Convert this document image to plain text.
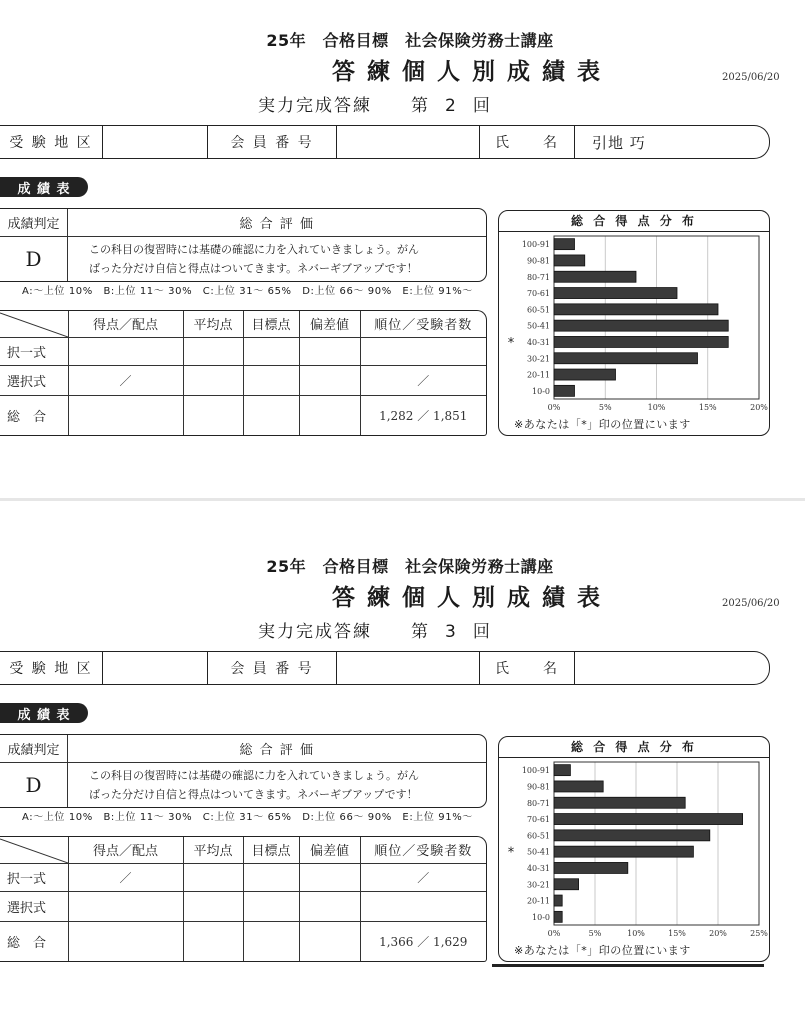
25年　合格目標　社会保険労務士講座
答 練 個 人 別 成 績 表	2025/06/20
実力完成答練 第　2　回
受 験 地 区	会 員 番 号	氏　　名	引地 巧
成 績 表
成績判定	総 合 評 価
D	この科目の復習時には基礎の確認に力を入れていきましょう。がん
ばった分だけ自信と得点はついてきます。ネバーギブアップです！
A:〜上位 10%　B:上位 11〜 30%　C:上位 31〜 65%　D:上位 66〜 90%　E:上位 91%〜
	得点／配点	平均点	目標点	偏差値	順位／受験者数
択一式					
選択式	／				／
総　合					1,282 ／ 1,851
総 合 得 点 分 布
0%	5%	10%	15%	20%
100-91
90-81
80-71
70-61
60-51
50-41
40-31
*
30-21
20-11
10-0
※あなたは「*」印の位置にいます
25年　合格目標　社会保険労務士講座
答 練 個 人 別 成 績 表	2025/06/20
実力完成答練 第　3　回
受 験 地 区	会 員 番 号	氏　　名
成 績 表
成績判定	総 合 評 価
D	この科目の復習時には基礎の確認に力を入れていきましょう。がん
ばった分だけ自信と得点はついてきます。ネバーギブアップです！
A:〜上位 10%　B:上位 11〜 30%　C:上位 31〜 65%　D:上位 66〜 90%　E:上位 91%〜
	得点／配点	平均点	目標点	偏差値	順位／受験者数
択一式	／				／
選択式					
総　合					1,366 ／ 1,629
総 合 得 点 分 布
0%	5%	10%	15%	20%	25%
100-91
90-81
80-71
70-61
60-51
50-41
*
40-31
30-21
20-11
10-0
※あなたは「*」印の位置にいます
